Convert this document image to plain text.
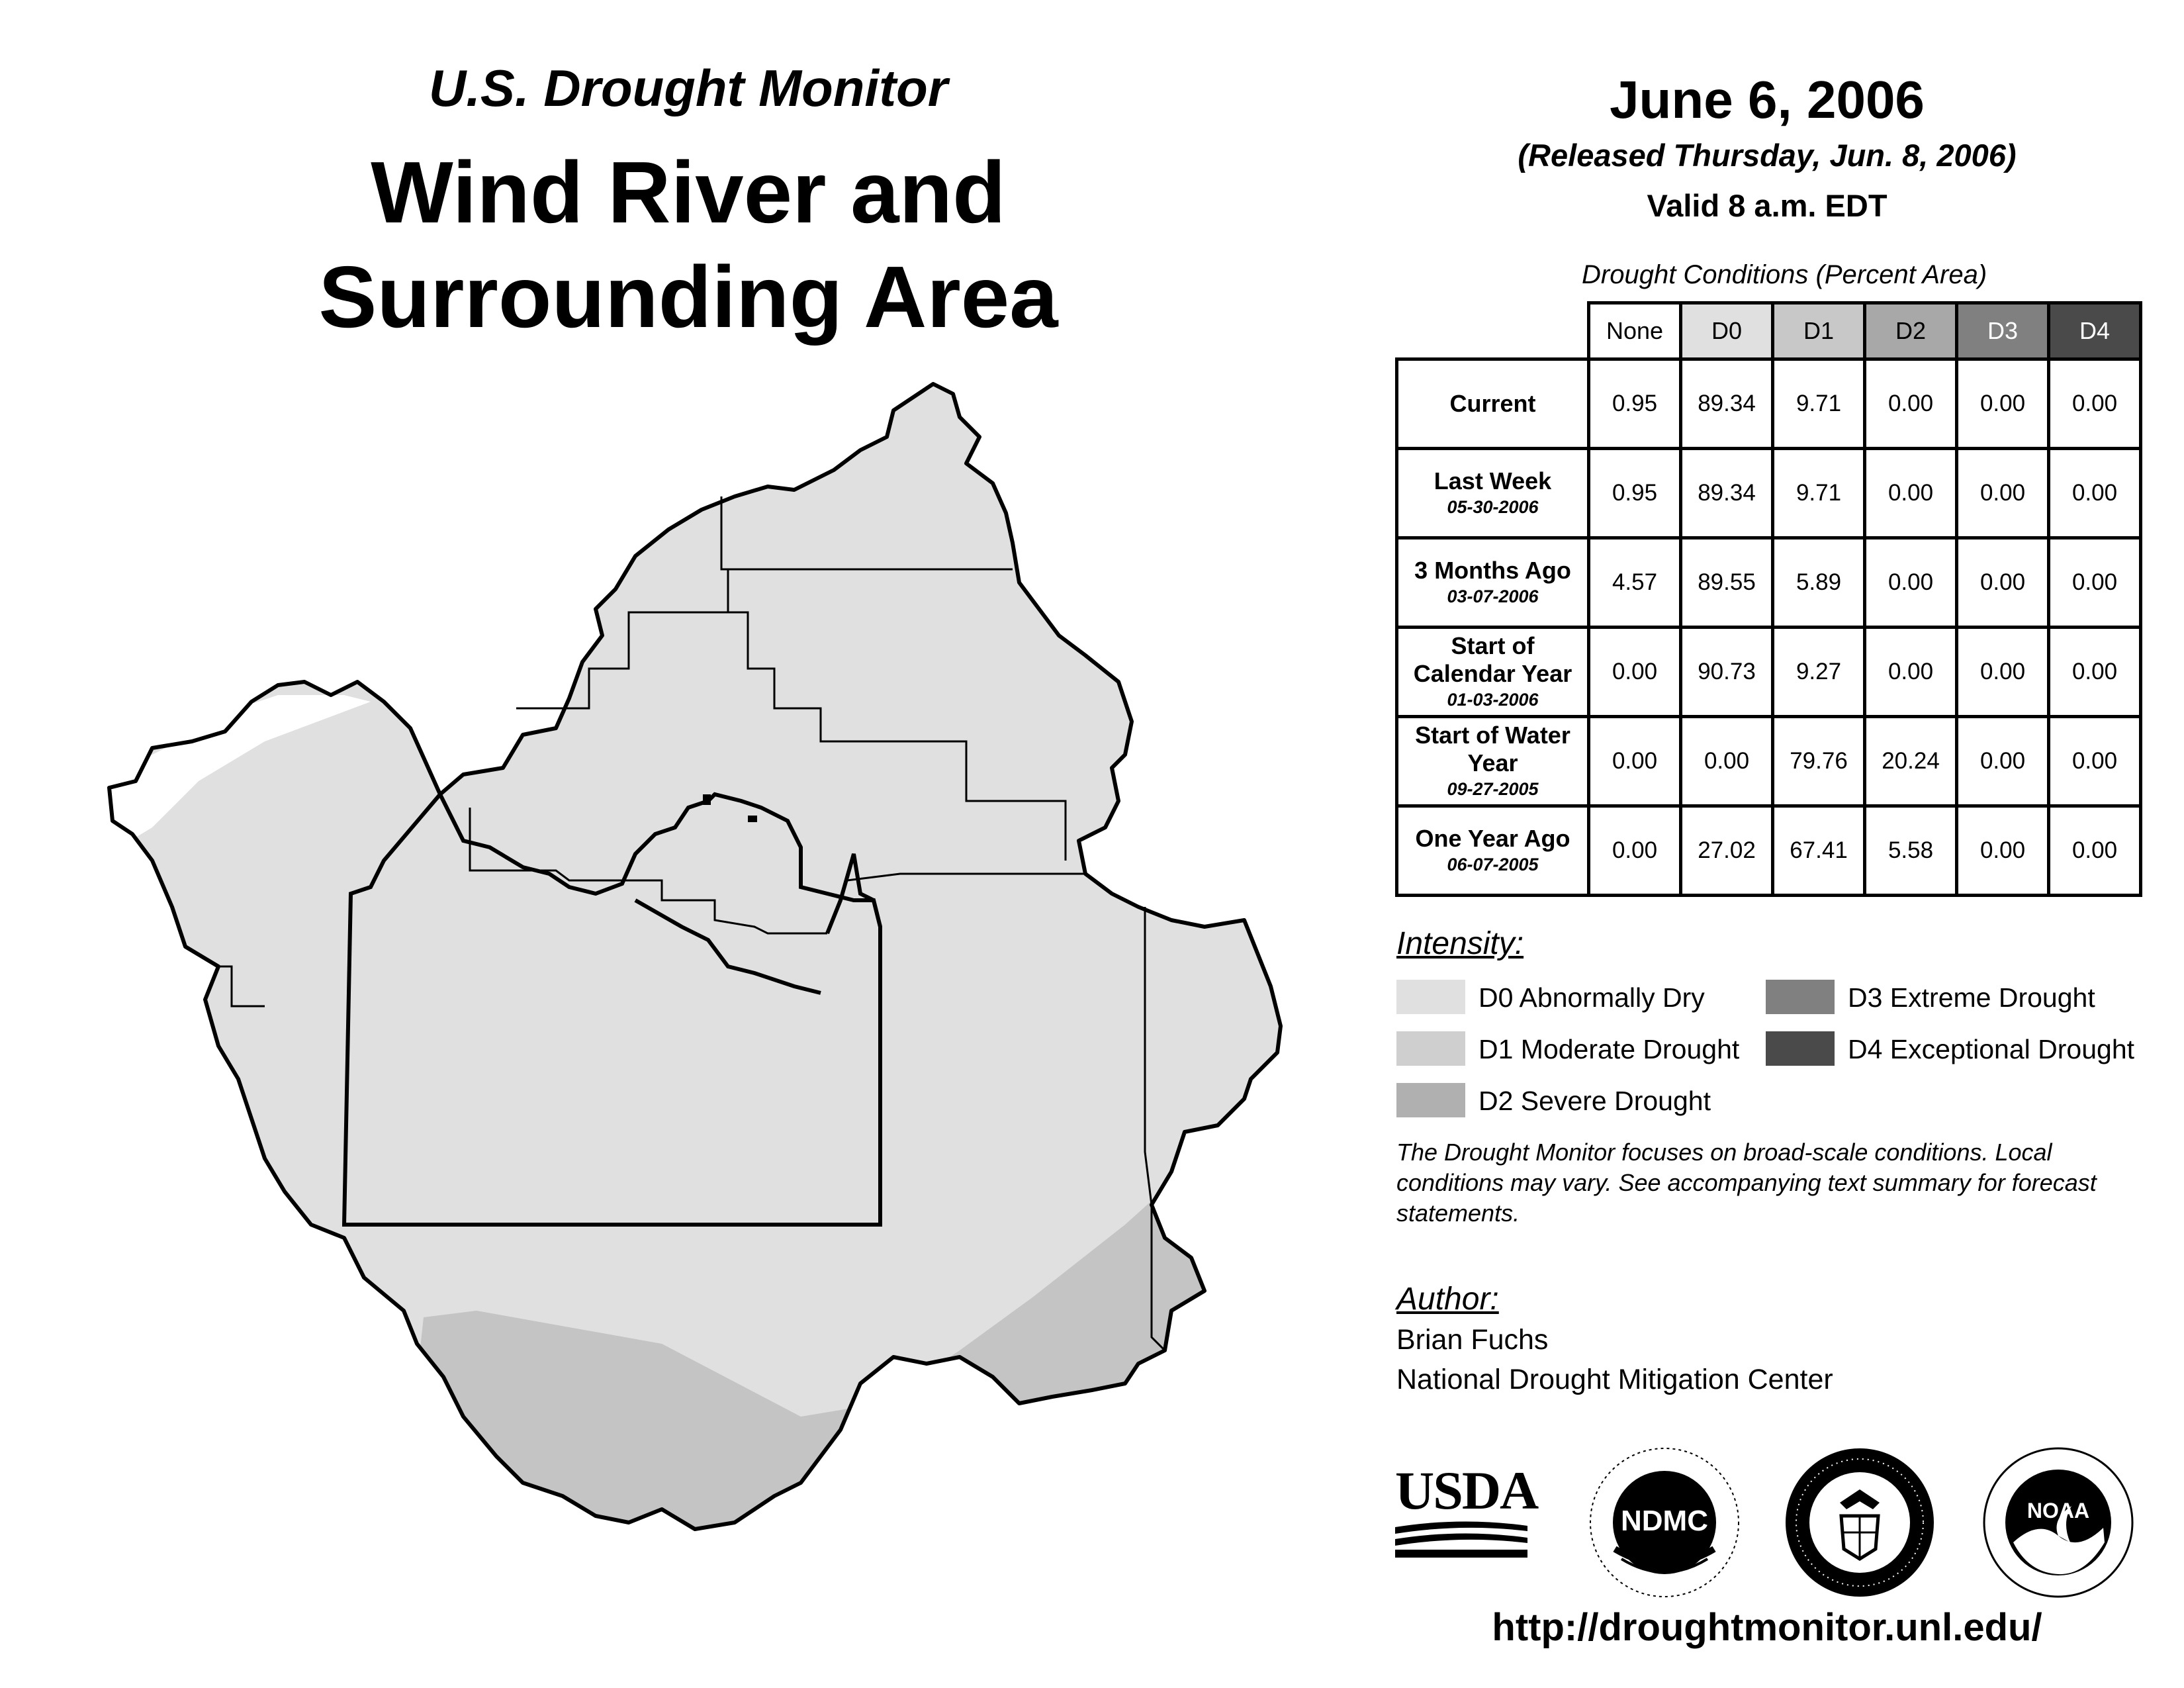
U.S. Drought Monitor
Wind River and
Surrounding Area
June 6, 2006
(Released Thursday, Jun. 8, 2006)
Valid 8 a.m. EDT
Drought Conditions (Percent Area)
	None	D0	D1	D2	D3	D4

Current	0.95	89.34	9.71	0.00	0.00	0.00

Last Week
05-30-2006	0.95	89.34	9.71	0.00	0.00	0.00

3 Months Ago
03-07-2006	4.57	89.55	5.89	0.00	0.00	0.00

Start of Calendar Year
01-03-2006	0.00	90.73	9.27	0.00	0.00	0.00

Start of Water Year
09-27-2005	0.00	0.00	79.76	20.24	0.00	0.00

One Year Ago
06-07-2005	0.00	27.02	67.41	5.58	0.00	0.00
Intensity:
D0 Abnormally Dry
D1 Moderate Drought
D2 Severe Drought
D3 Extreme Drought
D4 Exceptional Drought
The Drought Monitor focuses on broad-scale conditions. Local conditions may vary. See accompanying text summary for forecast statements.
Author:
Brian Fuchs
National Drought Mitigation Center
USDA
NDMC	NOAA
http://droughtmonitor.unl.edu/
